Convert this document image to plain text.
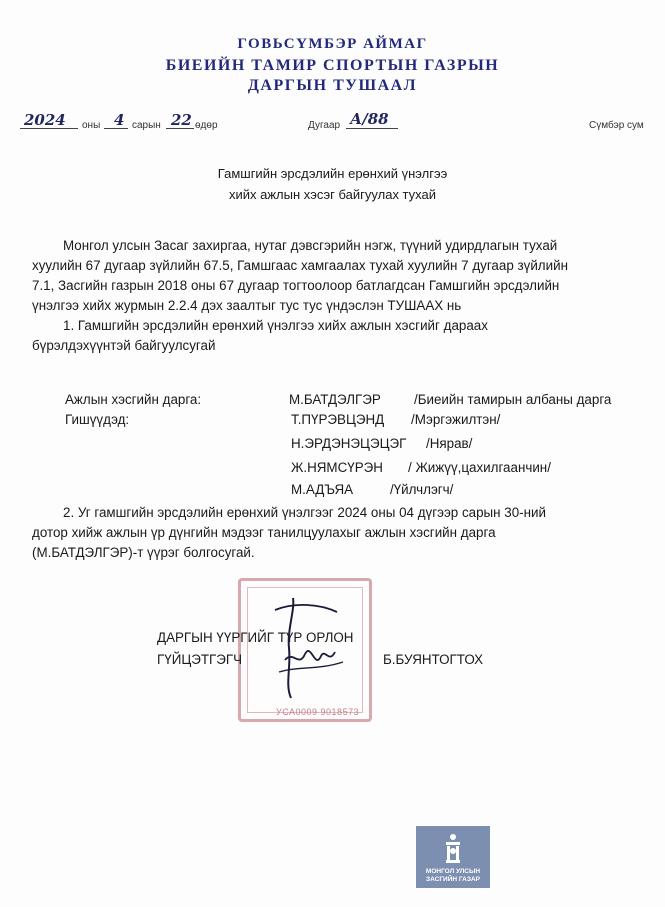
ГОВЬСҮМБЭР АЙМАГ
БИЕИЙН ТАМИР СПОРТЫН ГАЗРЫН
ДАРГЫН ТУШААЛ
2024 оны 4 сарын 22 өдөр	Дугаар А/88	Сүмбэр сум
Гамшгийн эрсдэлийн ерөнхий үнэлгээ
хийх ажлын хэсэг байгуулах тухай
Монгол улсын Засаг захиргаа, нутаг дэвсгэрийн нэгж, түүний удирдлагын тухай
хуулийн 67 дугаар зүйлийн 67.5, Гамшгаас хамгаалах тухай хуулийн 7 дугаар зүйлийн
7.1, Засгийн газрын 2018 оны 67 дугаар тогтоолоор батлагдсан Гамшгийн эрсдэлийн
үнэлгээ хийх журмын 2.2.4 дэх заалтыг тус тус үндэслэн ТУШААХ нь
1. Гамшгийн эрсдэлийн ерөнхий үнэлгээ хийх ажлын хэсгийг дараах
бүрэлдэхүүнтэй байгуулсугай
Ажлын хэсгийн дарга:	М.БАТДЭЛГЭР /Биеийн тамирын албаны дарга
Гишүүдэд:	Т.ПҮРЭВЦЭНД /Мэргэжилтэн/
Н.ЭРДЭНЭЦЭЦЭГ /Нярав/
Ж.НЯМСҮРЭН / Жижүү,цахилгаанчин/
М.АДЪЯА	/Үйлчлэгч/
2. Уг гамшгийн эрсдэлийн ерөнхий үнэлгээг 2024 оны 04 дүгээр сарын 30-ний
дотор хийж ажлын үр дүнгийн мэдээг танилцуулахыг ажлын хэсгийн дарга
(М.БАТДЭЛГЭР)-т үүрэг болгосугай.
УСА0009 9018573
ДАРГЫН ҮҮРГИЙГ ТҮР ОРЛОН
ГҮЙЦЭТГЭГЧ	Б.БУЯНТОГТОХ
МОНГОЛ УЛСЫН
ЗАСГИЙН ГАЗАР
